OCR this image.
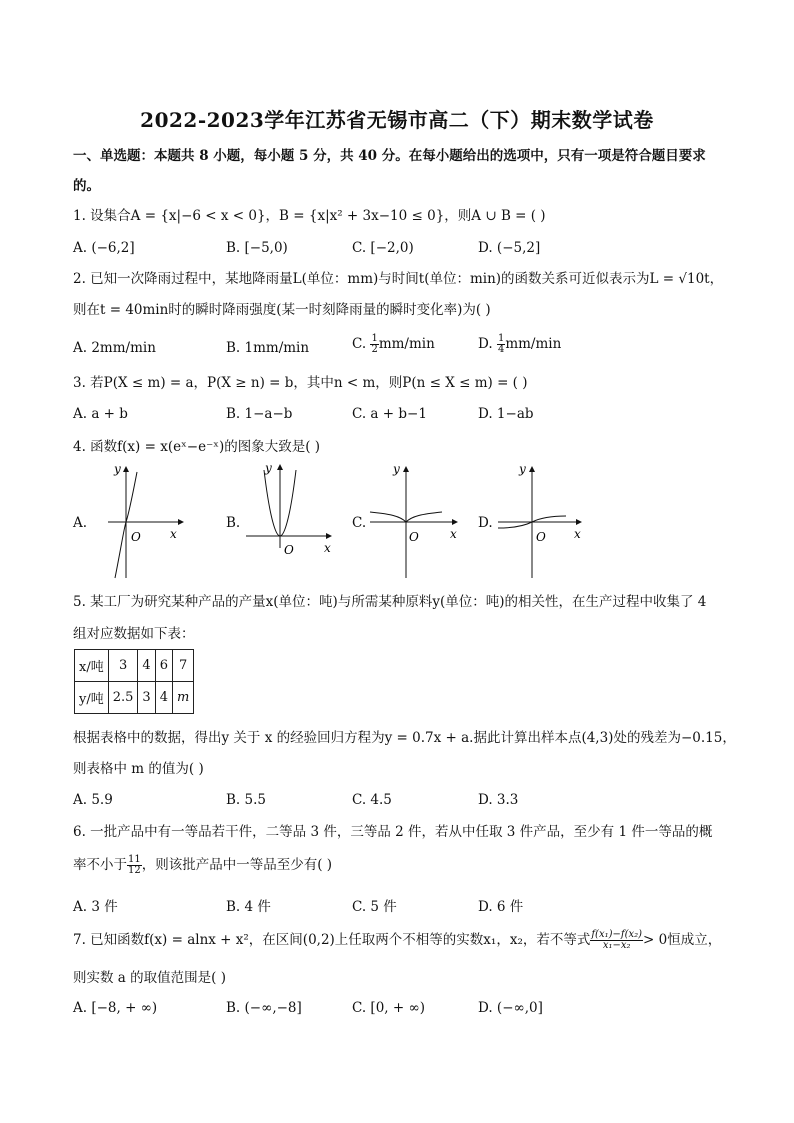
2022-2023学年江苏省无锡市高二（下）期末数学试卷
一、单选题：本题共 8 小题，每小题 5 分，共 40 分。在每小题给出的选项中，只有一项是符合题目要求
的。
1. 设集合A = {x|−6 < x < 0}，B = {x|x² + 3x−10 ≤ 0}，则A ∪ B = ( )
A. (−6,2]	B. [−5,0)	C. [−2,0)	D. (−5,2]
2. 已知一次降雨过程中，某地降雨量L(单位：mm)与时间t(单位：min)的函数关系可近似表示为L = √10t，
则在t = 40min时的瞬时降雨强度(某一时刻降雨量的瞬时变化率)为( )
A. 2mm/min	B. 1mm/min	C. $\frac{1}{2} mm/\min$	D. $\frac{1}{4} mm/\min$
3. 若P(X ≤ m) = a，P(X ≥ n) = b，其中n < m，则P(n ≤ X ≤ m) = ( )
A. a + b	B. 1−a−b	C. a + b−1	D. 1−ab
4. 函数f(x) = x(eˣ−e⁻ˣ)的图象大致是( )
A.
y
x
O
B.
y
x
O
C.
y
x
O
D.
y
x
O
5. 某工厂为研究某种产品的产量x(单位：吨)与所需某种原料y(单位：吨)的相关性，在生产过程中收集了 4
组对应数据如下表：
x/吨	3	4	6	7
y/吨	2.5	3	4	m
根据表格中的数据，得出y 关于 x 的经验回归方程为y = 0.7x + a.据此计算出样本点(4,3)处的残差为−0.15，
则表格中 m 的值为( )
A. 5.9	B. 5.5	C. 4.5	D. 3.3
6. 一批产品中有一等品若干件，二等品 3 件，三等品 2 件，若从中任取 3 件产品，至少有 1 件一等品的概
率不小于 $\frac{11}{12}$ ，则该批产品中一等品至少有( )
A. 3 件	B. 4 件	C. 5 件	D. 6 件
7. 已知函数f(x) = alnx + x²，在区间(0,2)上任取两个不相等的实数x₁，x₂，若不等式 $\frac{\text{f(x₁)−f(x₂)}}{\text{x₁−x₂}} > 0$恒成立，
则实数 a 的取值范围是( )
A. [−8, + ∞)	B. (−∞,−8]	C. [0, + ∞)	D. (−∞,0]
